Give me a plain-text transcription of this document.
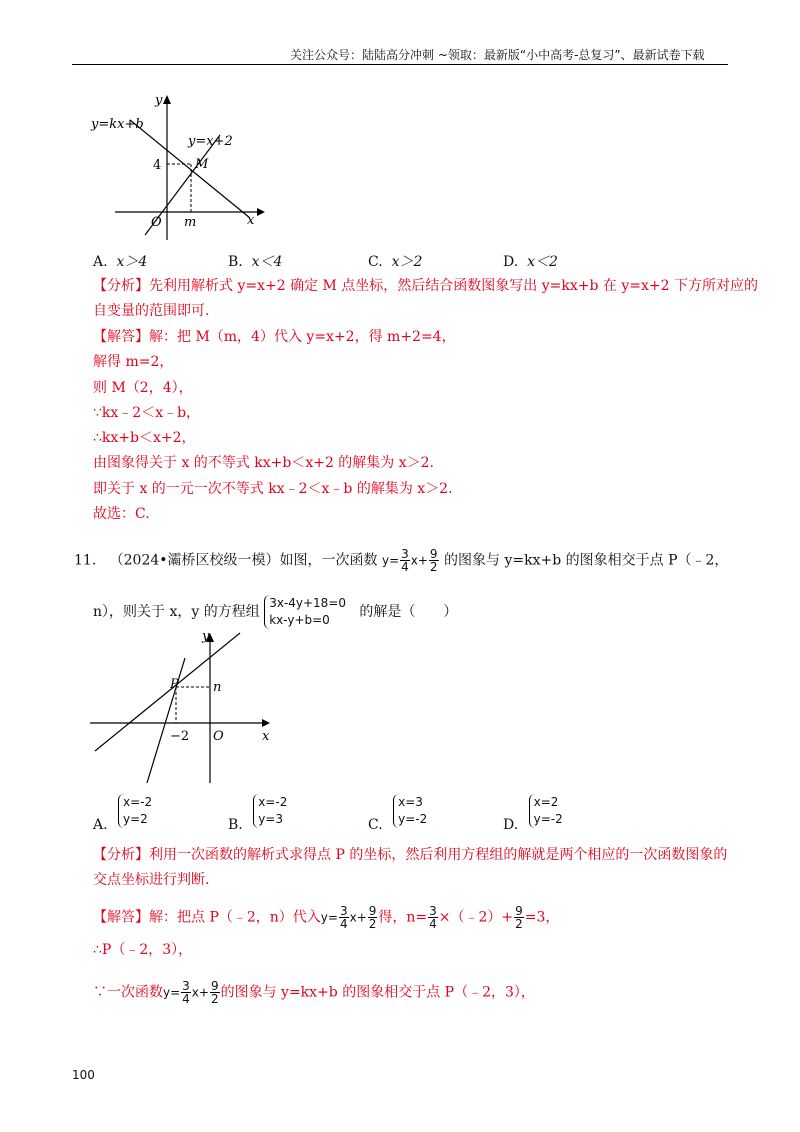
关注公众号：陆陆高分冲刺 ~领取：最新版“小中高考-总复习”、最新试卷下载
y=kx+b
y=x+2
y
x
O
4
m
M
A. x＞4	B. x＜4	C. x＞2	D. x＜2
【分析】先利用解析式 y=x+2 确定 M 点坐标，然后结合函数图象写出 y=kx+b 在 y=x+2 下方所对应的
自变量的范围即可.
【解答】解：把 M（m，4）代入 y=x+2，得 m+2=4，
解得 m=2，
则 M（2，4），
∵kx﹣2＜x﹣b，
∴kx+b＜x+2，
由图象得关于 x 的不等式 kx+b＜x+2 的解集为 x＞2.
即关于 x 的一元一次不等式 kx﹣2＜x﹣b 的解集为 x＞2.
故选：C.
11. （2024•灞桥区校级一模）如图，一次函数 $y= \frac{3}{4} x+ \frac{9}{2}$ 的图象与 y=kx+b 的图象相交于点 P（﹣2，
n），则关于 x，y 的方程组
3x-4y+18=0
kx-y+b=0	的解是（　　）
y
x
O
P	n
−2
A.
x=-2
y=2	B.
x=-2
y=3	C.
x=3
y=-2	D.
x=2
y=-2
【分析】利用一次函数的解析式求得点 P 的坐标，然后利用方程组的解就是两个相应的一次函数图象的
交点坐标进行判断.
【解答】解：把点 P（﹣2，n）代入$y= \frac{3}{4} x+ \frac{9}{2}$ 得，$n= \frac{3}{4}$ ×（﹣2）+ $\frac{9}{2} =3$，
∴P（﹣2，3），
∵一次函数$y= \frac{3}{4} x+ \frac{9}{2}$ 的图象与 y=kx+b 的图象相交于点 P（﹣2，3），
100
